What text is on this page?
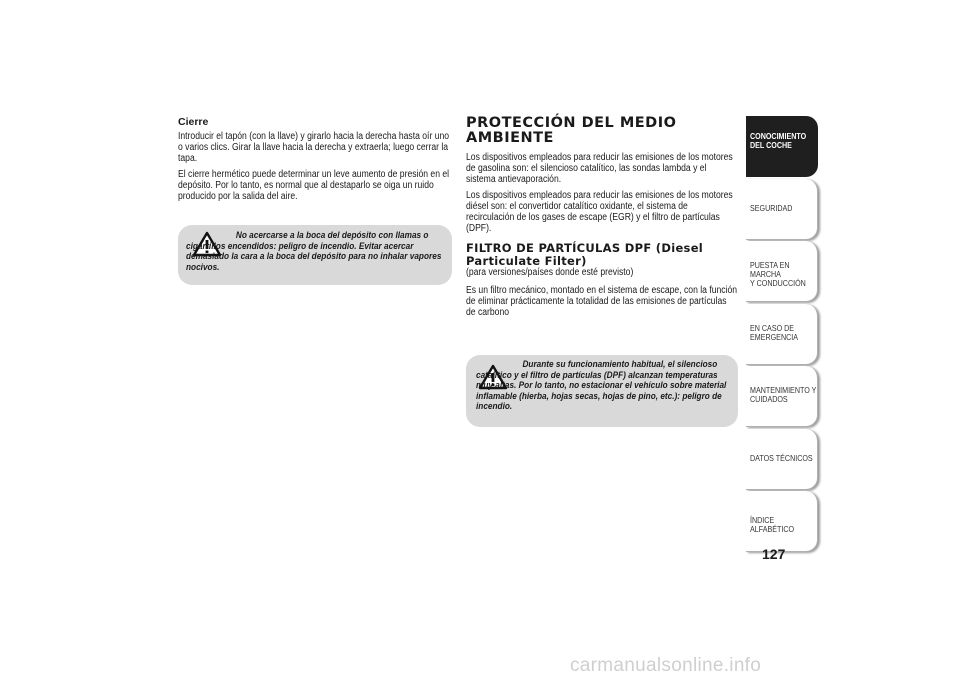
Cierre

Introducir el tapón (con la llave) y girarlo hacia la derecha hasta oír uno o varios clics. Girar la llave hacia la derecha y extraerla; luego cerrar la tapa.

El cierre hermético puede determinar un leve aumento de presión en el depósito. Por lo tanto, es normal que al destaparlo se oiga un ruido producido por la salida del aire.

No acercarse a la boca del depósito con llamas o cigarrillos encendidos: peligro de incendio. Evitar acercar demasiado la cara a la boca del depósito para no inhalar vapores nocivos.

PROTECCIÓN DEL MEDIO
AMBIENTE

Los dispositivos empleados para reducir las emisiones de los motores de gasolina son: el silencioso catalítico, las sondas lambda y el sistema antievaporación.

Los dispositivos empleados para reducir las emisiones de los motores diésel son: el convertidor catalítico oxidante, el sistema de recirculación de los gases de escape (EGR) y el filtro de partículas (DPF).

FILTRO DE PARTÍCULAS DPF (Diesel
Particulate Filter)

(para versiones/países donde esté previsto)

Es un filtro mecánico, montado en el sistema de escape, con la función de eliminar prácticamente la totalidad de las emisiones de partículas de carbono

Durante su funcionamiento habitual, el silencioso catalítico y el filtro de partículas (DPF) alcanzan temperaturas muy altas. Por lo tanto, no estacionar el vehículo sobre material inflamable (hierba, hojas secas, hojas de pino, etc.): peligro de incendio.

CONOCIMIENTO
DEL COCHE
SEGURIDAD
PUESTA EN MARCHA
Y CONDUCCIÓN
EN CASO DE
EMERGENCIA
MANTENIMIENTO Y
CUIDADOS
DATOS TÉCNICOS
ÍNDICE ALFABÉTICO
127
carmanualsonline.info
